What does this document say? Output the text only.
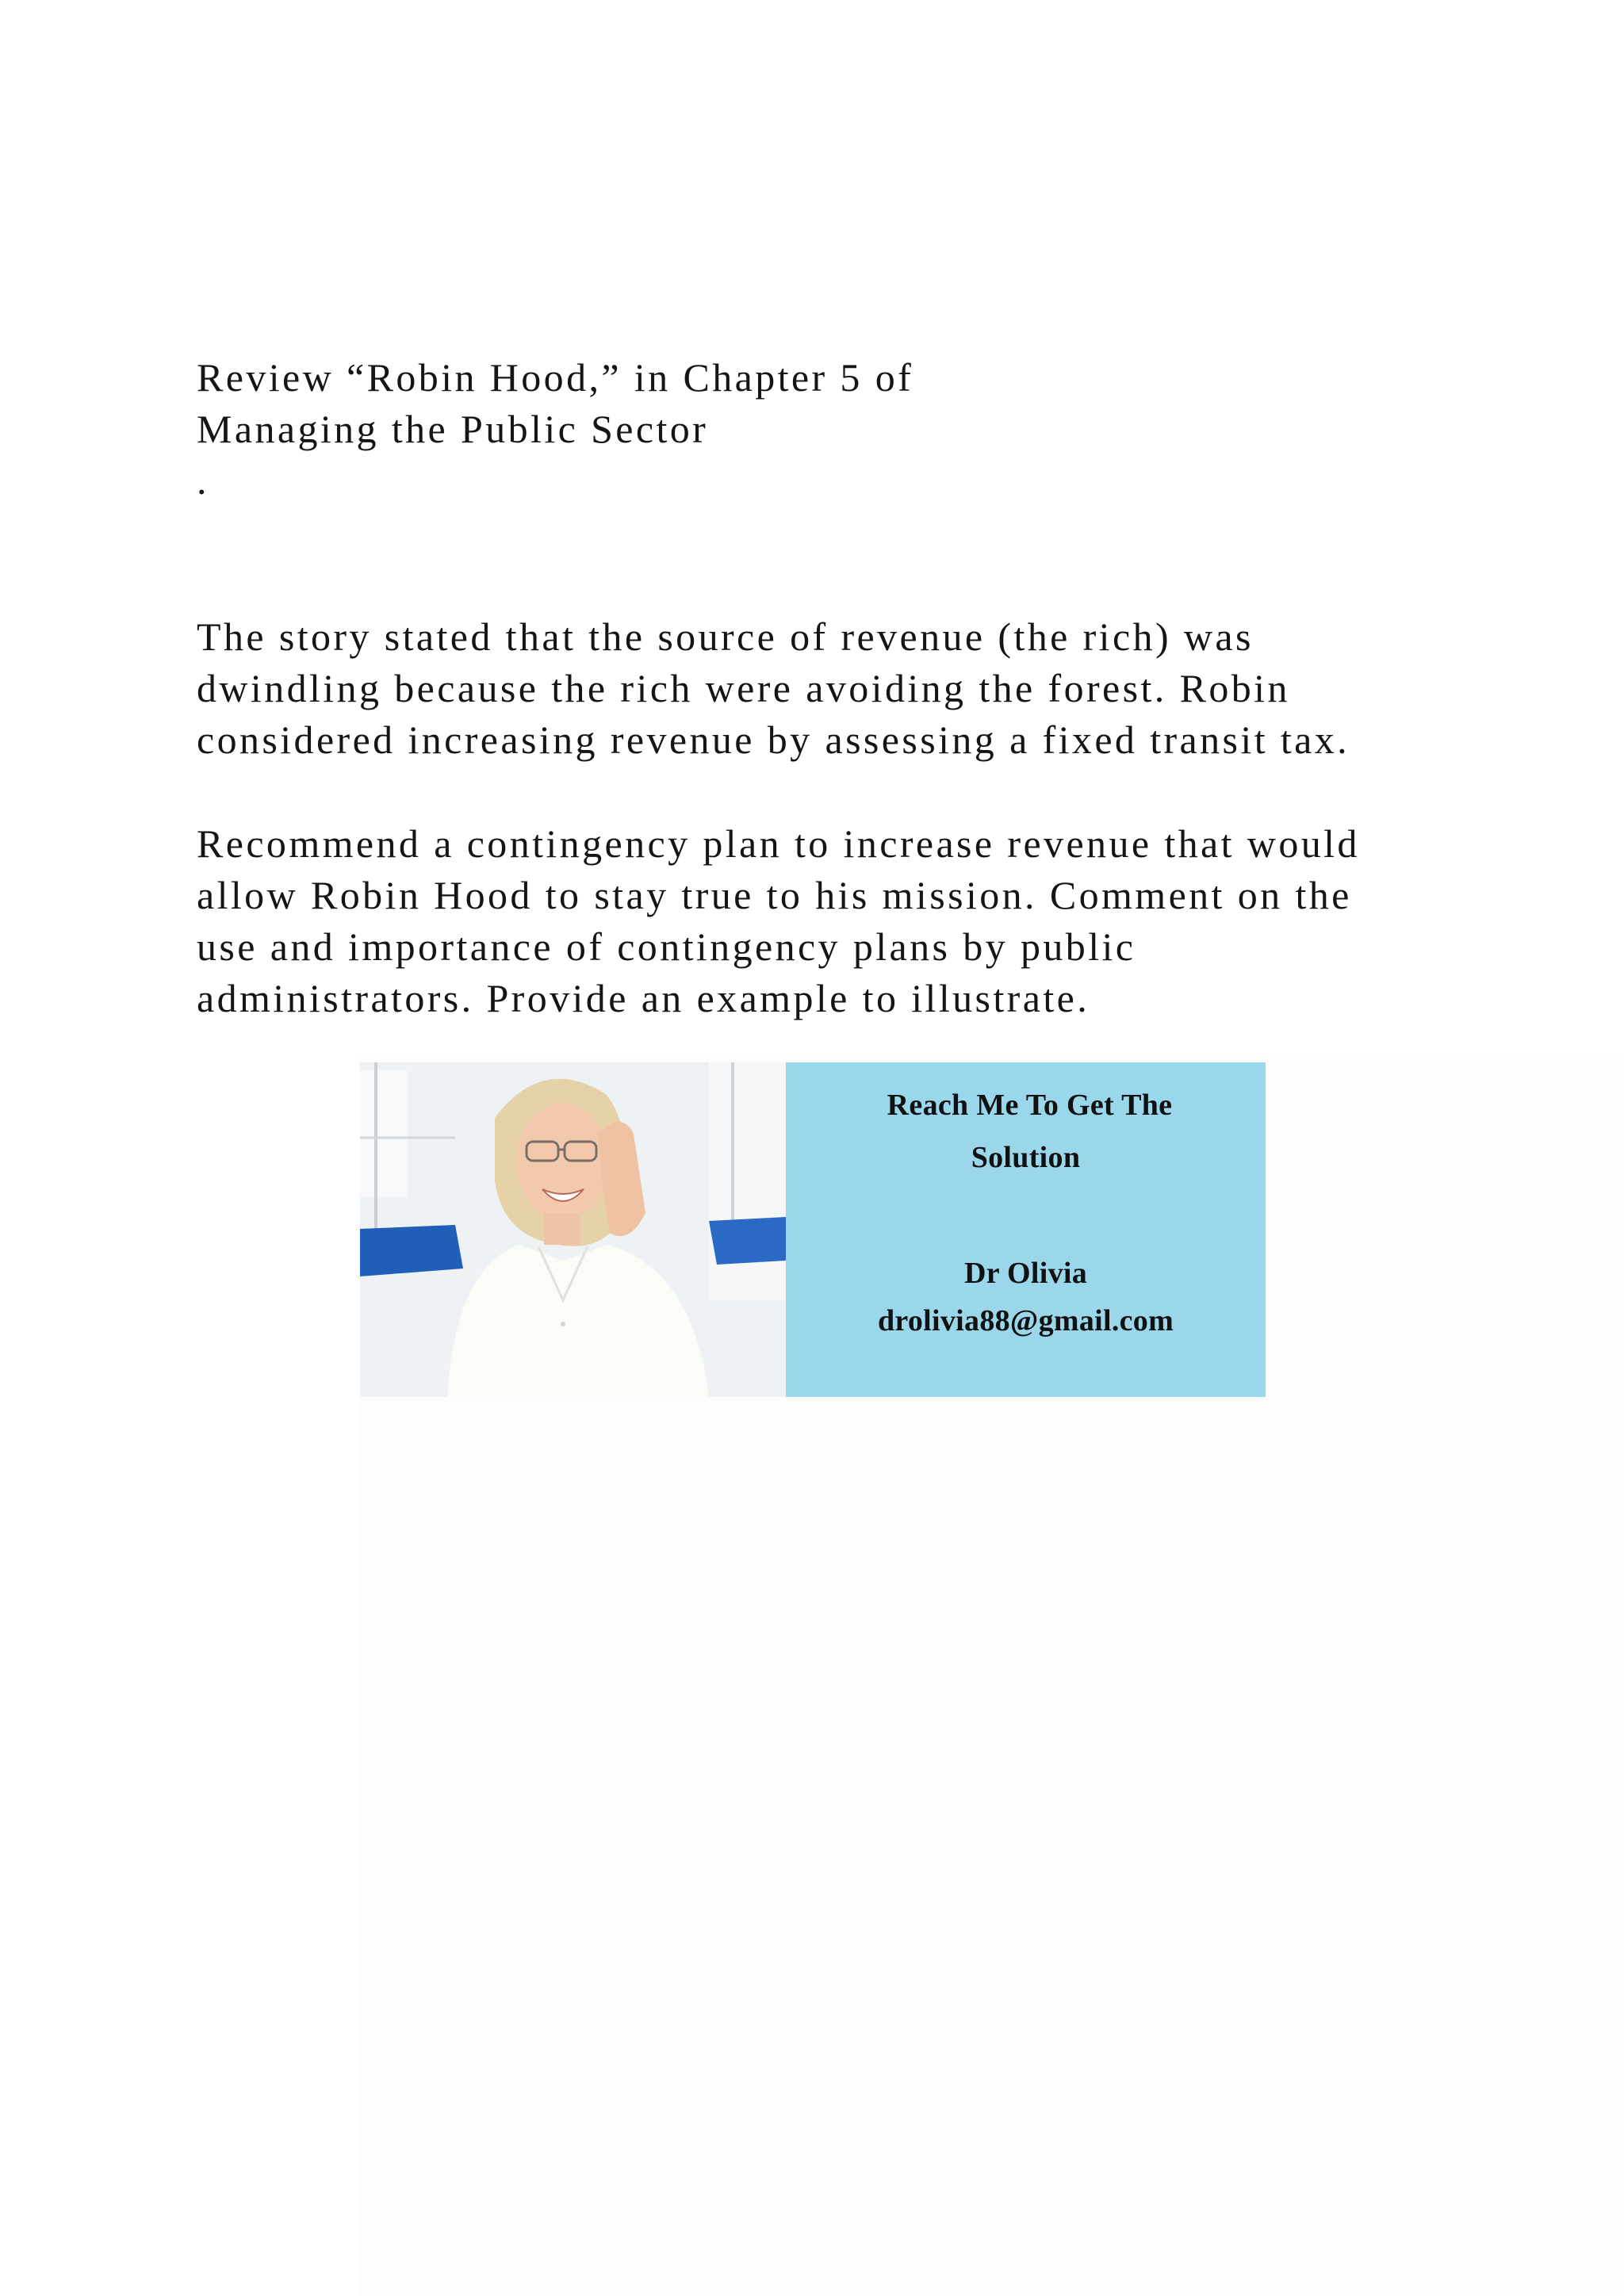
Review “Robin Hood,” in Chapter 5 of

Managing the Public Sector

.

The story stated that the source of revenue (the rich) was

dwindling because the rich were avoiding the forest. Robin

considered increasing revenue by assessing a fixed transit tax.

Recommend a contingency plan to increase revenue that would

allow Robin Hood to stay true to his mission. Comment on the

use and importance of contingency plans by public

administrators. Provide an example to illustrate.

Reach Me To Get The
Solution
Dr Olivia
drolivia88@gmail.com
